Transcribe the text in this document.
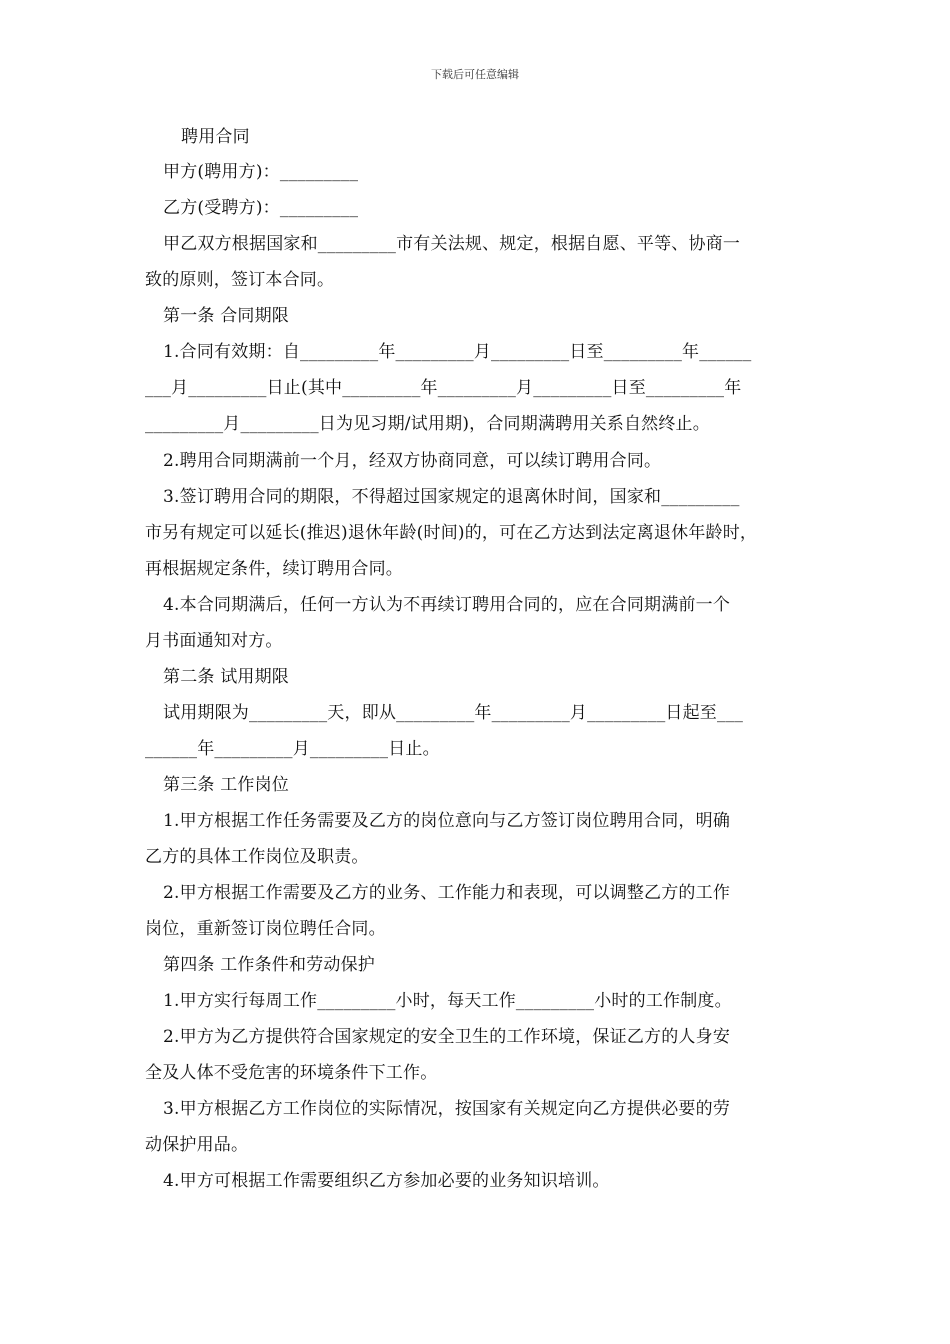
下载后可任意编辑
聘用合同
甲方(聘用方)：_________
乙方(受聘方)：_________
甲乙双方根据国家和_________市有关法规、规定，根据自愿、平等、协商一
致的原则，签订本合同。
第一条 合同期限
1.合同有效期：自_________年_________月_________日至_________年______
___月_________日止(其中_________年_________月_________日至_________年
_________月_________日为见习期/试用期)，合同期满聘用关系自然终止。
2.聘用合同期满前一个月，经双方协商同意，可以续订聘用合同。
3.签订聘用合同的期限，不得超过国家规定的退离休时间，国家和_________
市另有规定可以延长(推迟)退休年龄(时间)的，可在乙方达到法定离退休年龄时，
再根据规定条件，续订聘用合同。
4.本合同期满后，任何一方认为不再续订聘用合同的，应在合同期满前一个
月书面通知对方。
第二条 试用期限
试用期限为_________天，即从_________年_________月_________日起至___
______年_________月_________日止。
第三条 工作岗位
1.甲方根据工作任务需要及乙方的岗位意向与乙方签订岗位聘用合同，明确
乙方的具体工作岗位及职责。
2.甲方根据工作需要及乙方的业务、工作能力和表现，可以调整乙方的工作
岗位，重新签订岗位聘任合同。
第四条 工作条件和劳动保护
1.甲方实行每周工作_________小时，每天工作_________小时的工作制度。
2.甲方为乙方提供符合国家规定的安全卫生的工作环境，保证乙方的人身安
全及人体不受危害的环境条件下工作。
3.甲方根据乙方工作岗位的实际情况，按国家有关规定向乙方提供必要的劳
动保护用品。
4.甲方可根据工作需要组织乙方参加必要的业务知识培训。
